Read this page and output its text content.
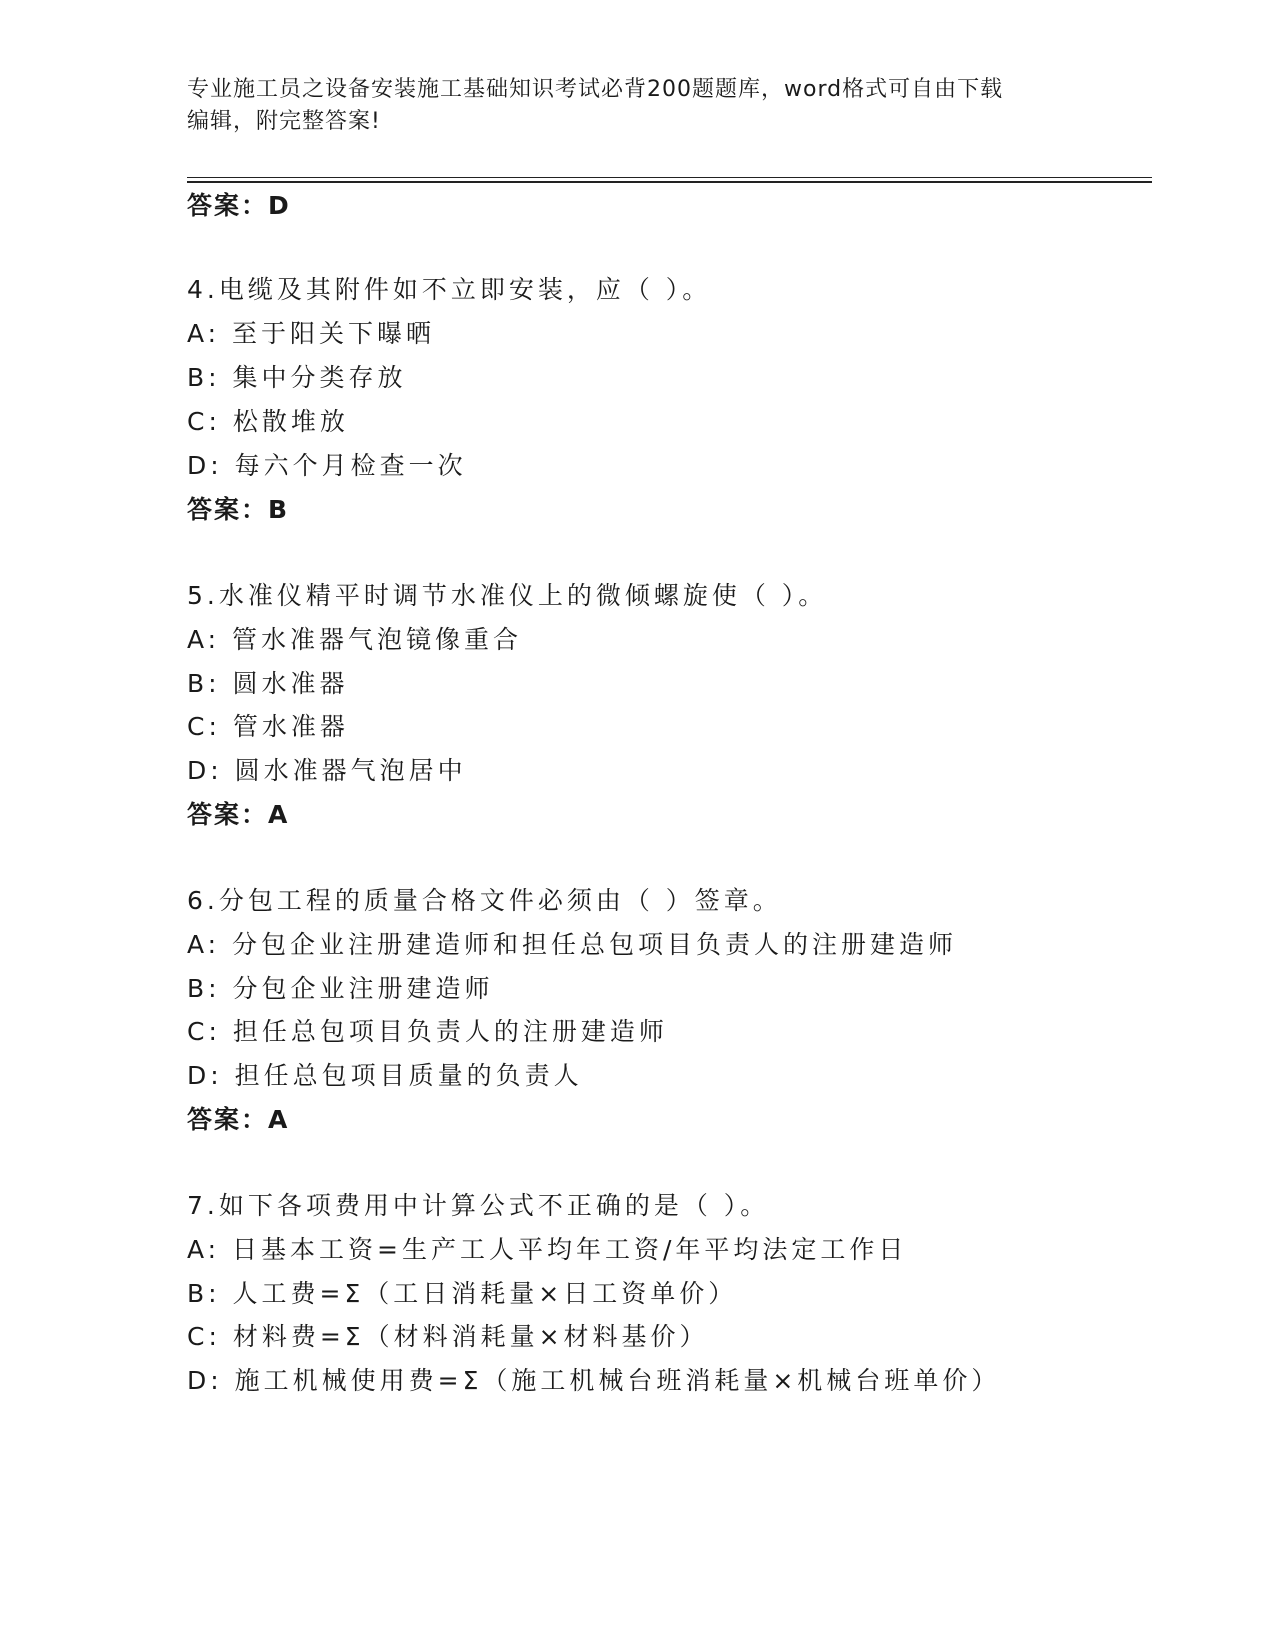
专业施工员之设备安装施工基础知识考试必背200题题库，word格式可自由下载
编辑，附完整答案!
答案：D
4.电缆及其附件如不立即安装，应（ ）。
A: 至于阳关下曝晒
B: 集中分类存放
C: 松散堆放
D: 每六个月检查一次
答案：B
5.水准仪精平时调节水准仪上的微倾螺旋使（ ）。
A: 管水准器气泡镜像重合
B: 圆水准器
C: 管水准器
D: 圆水准器气泡居中
答案：A
6.分包工程的质量合格文件必须由（ ）签章。
A: 分包企业注册建造师和担任总包项目负责人的注册建造师
B: 分包企业注册建造师
C: 担任总包项目负责人的注册建造师
D: 担任总包项目质量的负责人
答案：A
7.如下各项费用中计算公式不正确的是（ ）。
A: 日基本工资=生产工人平均年工资/年平均法定工作日
B: 人工费=Σ（工日消耗量×日工资单价）
C: 材料费=Σ（材料消耗量×材料基价）
D: 施工机械使用费=Σ（施工机械台班消耗量×机械台班单价）
